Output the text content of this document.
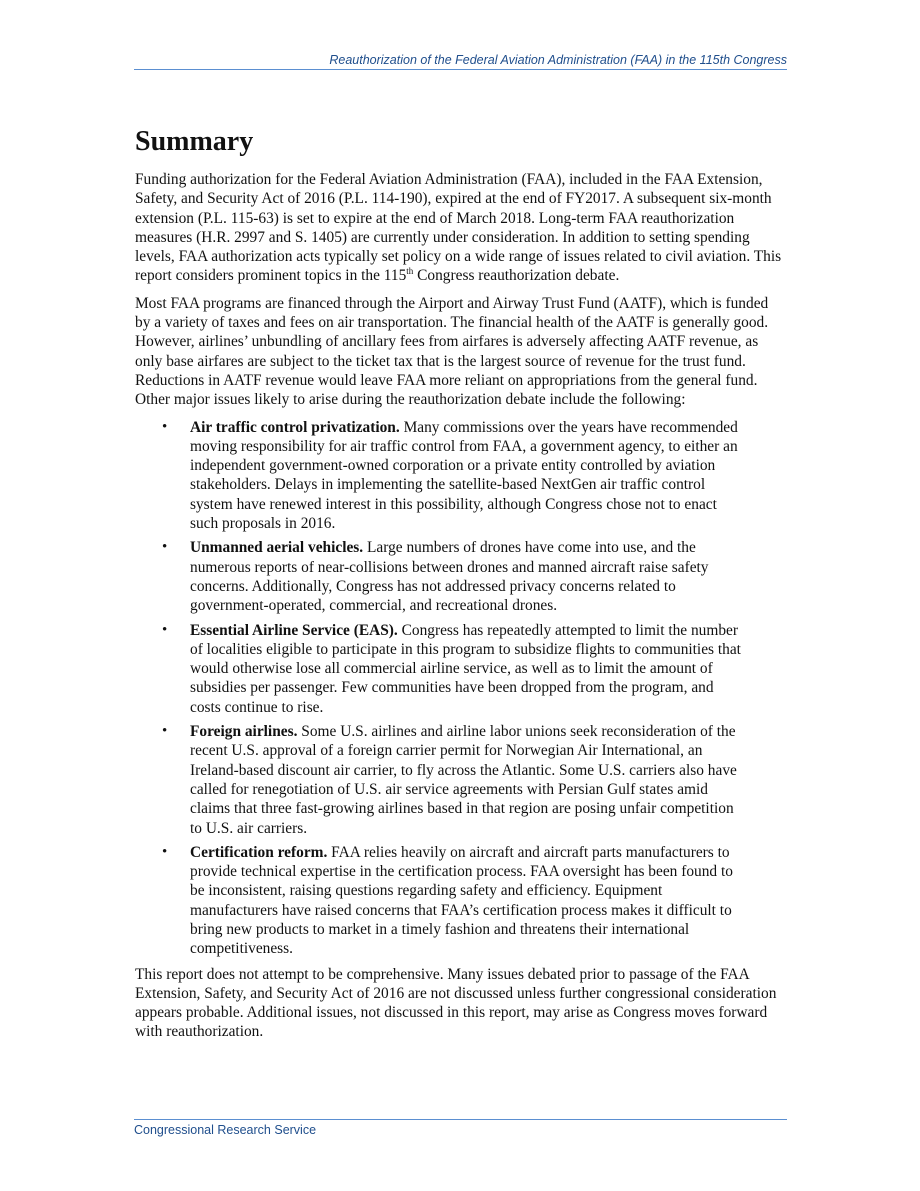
Reauthorization of the Federal Aviation Administration (FAA) in the 115th Congress
Summary

Funding authorization for the Federal Aviation Administration (FAA), included in the FAA Extension, Safety, and Security Act of 2016 (P.L. 114-190), expired at the end of FY2017. A subsequent six-month extension (P.L. 115-63) is set to expire at the end of March 2018. Long-term FAA reauthorization measures (H.R. 2997 and S. 1405) are currently under consideration. In addition to setting spending levels, FAA authorization acts typically set policy on a wide range of issues related to civil aviation. This report considers prominent topics in the 115th Congress reauthorization debate.

Most FAA programs are financed through the Airport and Airway Trust Fund (AATF), which is funded by a variety of taxes and fees on air transportation. The financial health of the AATF is generally good. However, airlines’ unbundling of ancillary fees from airfares is adversely affecting AATF revenue, as only base airfares are subject to the ticket tax that is the largest source of revenue for the trust fund. Reductions in AATF revenue would leave FAA more reliant on appropriations from the general fund. Other major issues likely to arise during the reauthorization debate include the following:

• Air traffic control privatization. Many commissions over the years have recommended moving responsibility for air traffic control from FAA, a government agency, to either an independent government-owned corporation or a private entity controlled by aviation stakeholders. Delays in implementing the satellite-based NextGen air traffic control system have renewed interest in this possibility, although Congress chose not to enact such proposals in 2016.
• Unmanned aerial vehicles. Large numbers of drones have come into use, and the numerous reports of near-collisions between drones and manned aircraft raise safety concerns. Additionally, Congress has not addressed privacy concerns related to government-operated, commercial, and recreational drones.
• Essential Airline Service (EAS). Congress has repeatedly attempted to limit the number of localities eligible to participate in this program to subsidize flights to communities that would otherwise lose all commercial airline service, as well as to limit the amount of subsidies per passenger. Few communities have been dropped from the program, and costs continue to rise.
• Foreign airlines. Some U.S. airlines and airline labor unions seek reconsideration of the recent U.S. approval of a foreign carrier permit for Norwegian Air International, an Ireland-based discount air carrier, to fly across the Atlantic. Some U.S. carriers also have called for renegotiation of U.S. air service agreements with Persian Gulf states amid claims that three fast-growing airlines based in that region are posing unfair competition to U.S. air carriers.
• Certification reform. FAA relies heavily on aircraft and aircraft parts manufacturers to provide technical expertise in the certification process. FAA oversight has been found to be inconsistent, raising questions regarding safety and efficiency. Equipment manufacturers have raised concerns that FAA’s certification process makes it difficult to bring new products to market in a timely fashion and threatens their international competitiveness.

This report does not attempt to be comprehensive. Many issues debated prior to passage of the FAA Extension, Safety, and Security Act of 2016 are not discussed unless further congressional consideration appears probable. Additional issues, not discussed in this report, may arise as Congress moves forward with reauthorization.

Congressional Research Service
